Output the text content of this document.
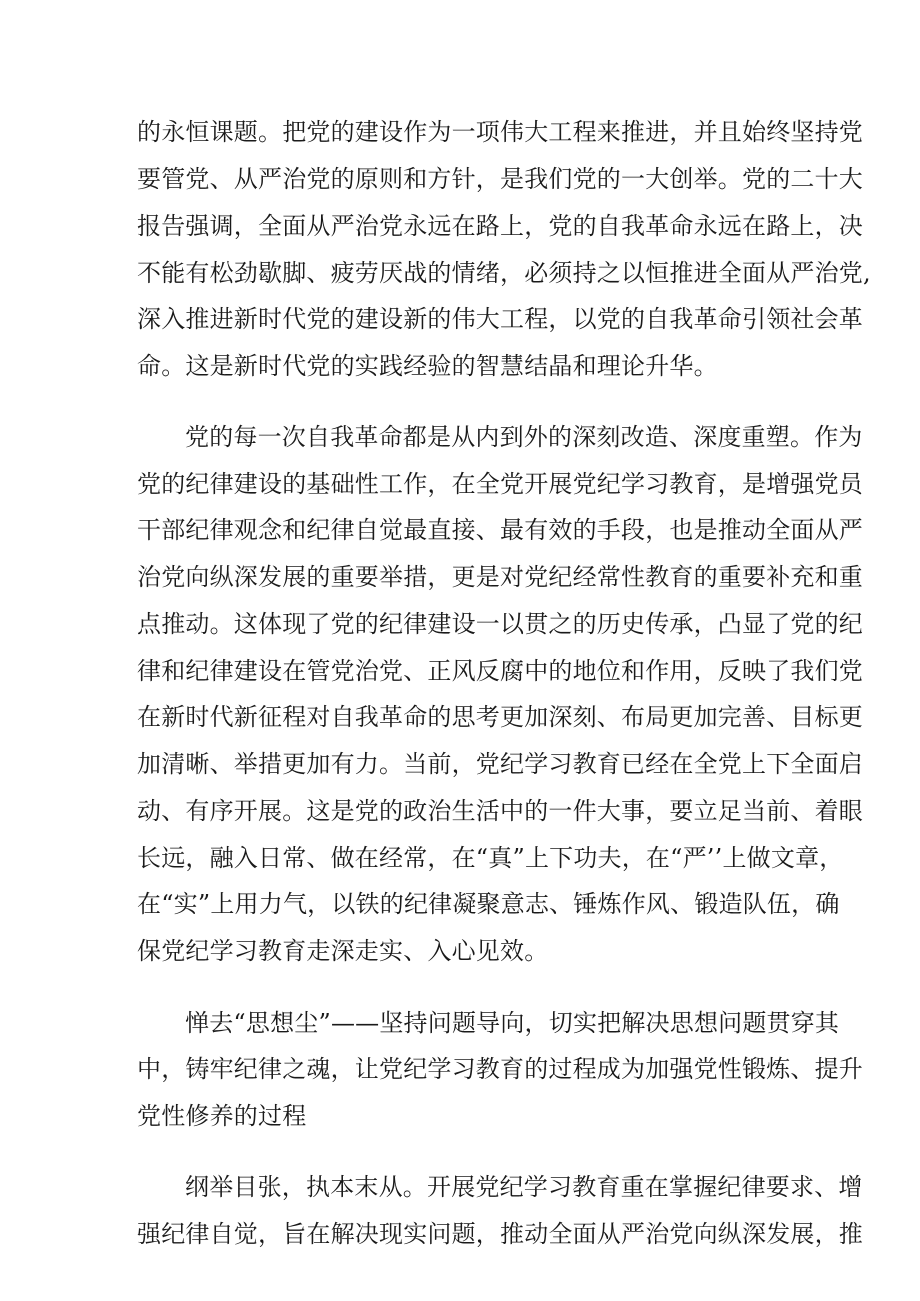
的永恒课题。把党的建设作为一项伟大工程来推进，并且始终坚持党

要管党、从严治党的原则和方针，是我们党的一大创举。党的二十大

报告强调，全面从严治党永远在路上，党的自我革命永远在路上，决

不能有松劲歇脚、疲劳厌战的情绪，必须持之以恒推进全面从严治党,

深入推进新时代党的建设新的伟大工程，以党的自我革命引领社会革

命。这是新时代党的实践经验的智慧结晶和理论升华。

党的每一次自我革命都是从内到外的深刻改造、深度重塑。作为

党的纪律建设的基础性工作，在全党开展党纪学习教育，是增强党员

干部纪律观念和纪律自觉最直接、最有效的手段，也是推动全面从严

治党向纵深发展的重要举措，更是对党纪经常性教育的重要补充和重

点推动。这体现了党的纪律建设一以贯之的历史传承，凸显了党的纪

律和纪律建设在管党治党、正风反腐中的地位和作用，反映了我们党

在新时代新征程对自我革命的思考更加深刻、布局更加完善、目标更

加清晰、举措更加有力。当前，党纪学习教育已经在全党上下全面启

动、有序开展。这是党的政治生活中的一件大事，要立足当前、着眼

长远，融入日常、做在经常，在“真”上下功夫，在“严’’上做文章，

在“实”上用力气，以铁的纪律凝聚意志、锤炼作风、锻造队伍，确

保党纪学习教育走深走实、入心见效。

惮去“思想尘”——坚持问题导向，切实把解决思想问题贯穿其

中，铸牢纪律之魂，让党纪学习教育的过程成为加强党性锻炼、提升

党性修养的过程

纲举目张，执本末从。开展党纪学习教育重在掌握纪律要求、增

强纪律自觉，旨在解决现实问题，推动全面从严治党向纵深发展，推
